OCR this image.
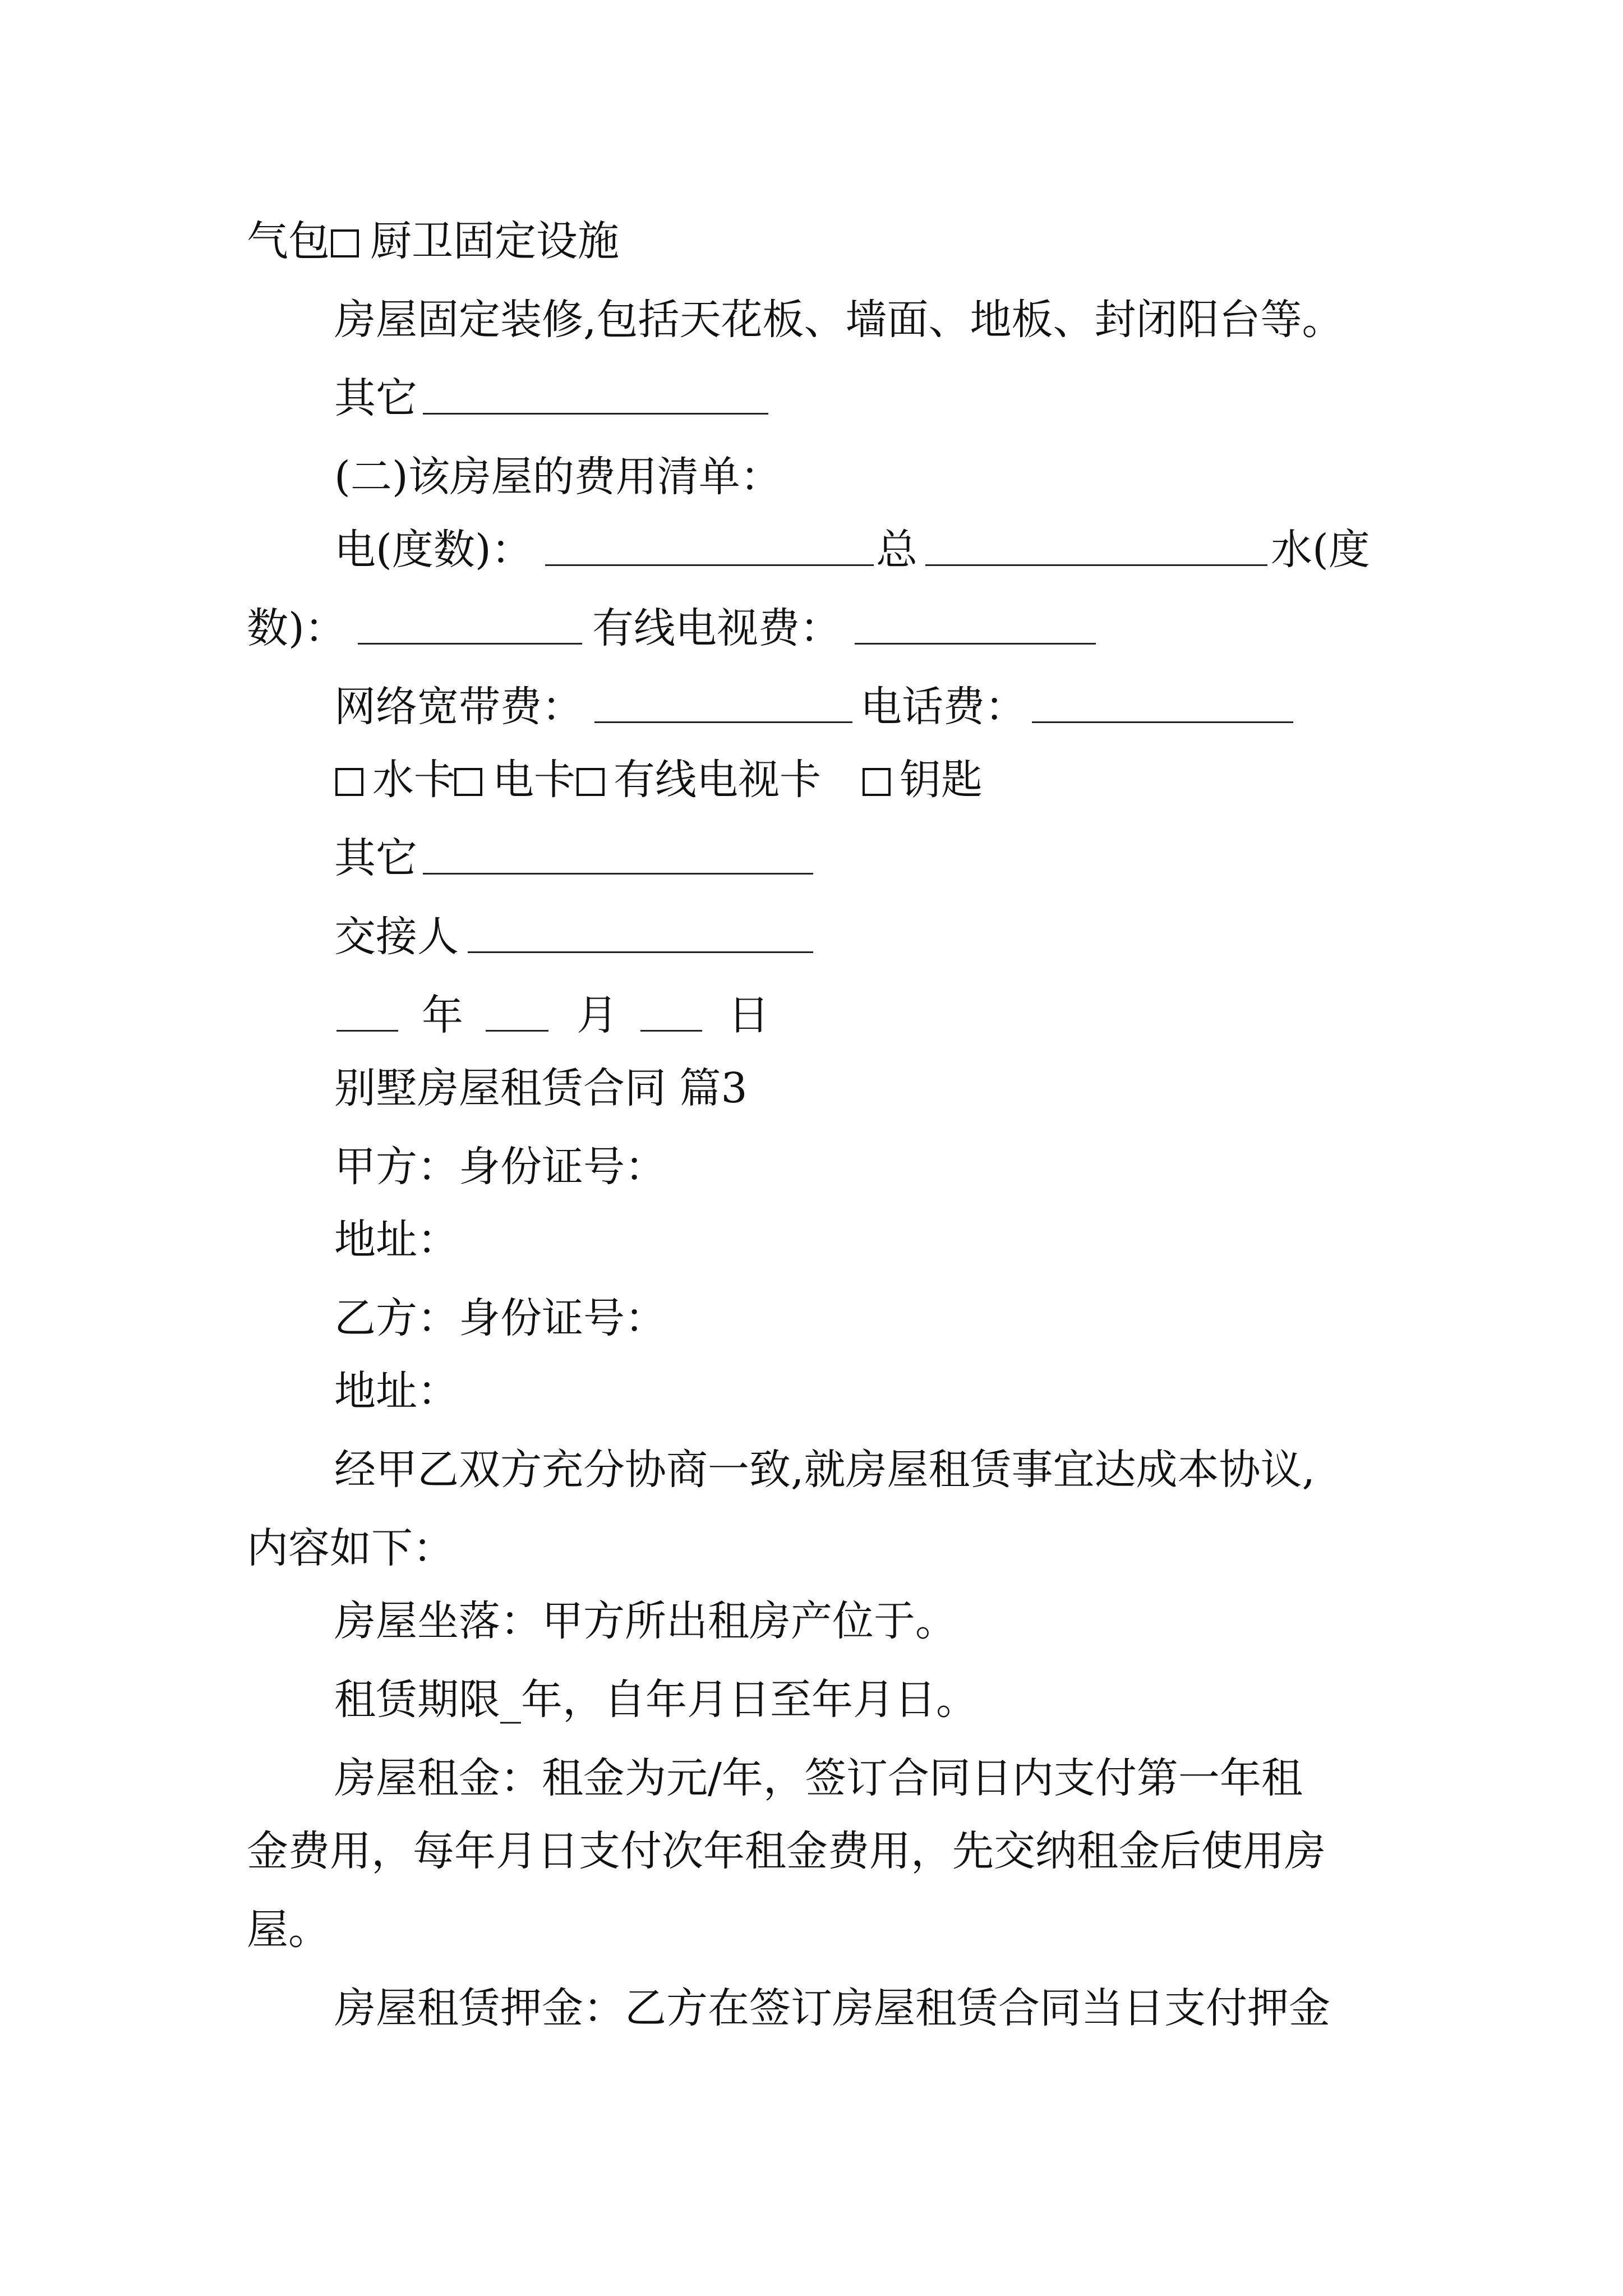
气包 厨卫固定设施
房屋固定装修,包括天花板、墙面、地板、封闭阳台等。
其它
(二)该房屋的费用清单：
电(度数)：	总	水(度
数)：	有线电视费：
网络宽带费：	电话费：
水卡 电卡 有线电视卡 钥匙
其它
交接人
年	月	日
别墅房屋租赁合同 篇3
甲方：身份证号：
地址：
乙方：身份证号：
地址：
经甲乙双方充分协商一致,就房屋租赁事宜达成本协议,
内容如下：
房屋坐落：甲方所出租房产位于。
租赁期限_年，自年月日至年月日。
房屋租金：租金为元/年，签订合同日内支付第一年租
金费用，每年月日支付次年租金费用，先交纳租金后使用房
屋。
房屋租赁押金：乙方在签订房屋租赁合同当日支付押金
